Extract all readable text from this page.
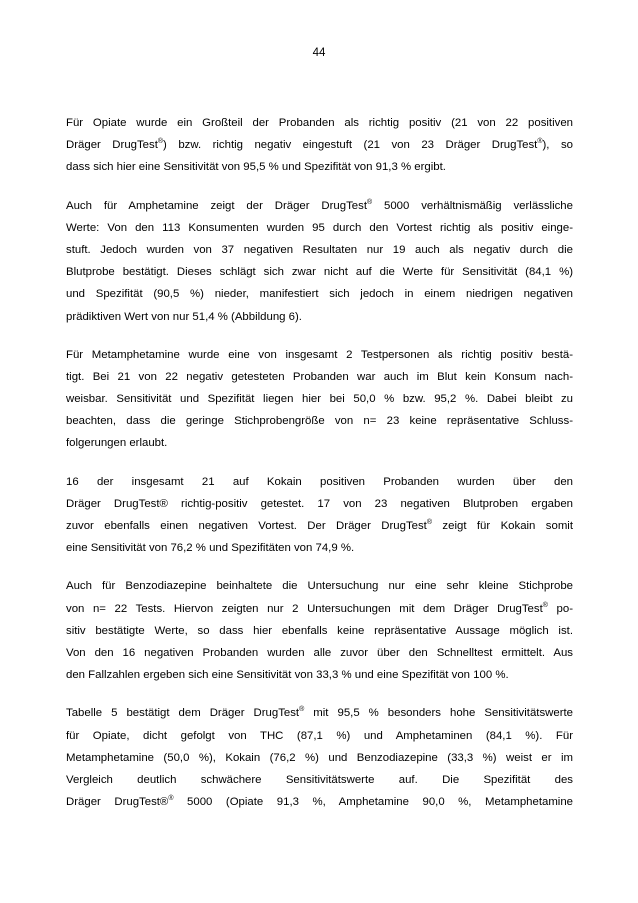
44
Für Opiate wurde ein Großteil der Probanden als richtig positiv (21 von 22 positiven
Dräger DrugTest®) bzw. richtig negativ eingestuft (21 von 23 Dräger DrugTest®), so
dass sich hier eine Sensitivität von 95,5 % und Spezifität von 91,3 % ergibt.
Auch für Amphetamine zeigt der Dräger DrugTest® 5000 verhältnismäßig verlässliche
Werte: Von den 113 Konsumenten wurden 95 durch den Vortest richtig als positiv einge-
stuft. Jedoch wurden von 37 negativen Resultaten nur 19 auch als negativ durch die
Blutprobe bestätigt. Dieses schlägt sich zwar nicht auf die Werte für Sensitivität (84,1 %)
und Spezifität (90,5 %) nieder, manifestiert sich jedoch in einem niedrigen negativen
prädiktiven Wert von nur 51,4 % (Abbildung 6).
Für Metamphetamine wurde eine von insgesamt 2 Testpersonen als richtig positiv bestä-
tigt. Bei 21 von 22 negativ getesteten Probanden war auch im Blut kein Konsum nach-
weisbar. Sensitivität und Spezifität liegen hier bei 50,0 % bzw. 95,2 %. Dabei bleibt zu
beachten, dass die geringe Stichprobengröße von n= 23 keine repräsentative Schluss-
folgerungen erlaubt.
16 der insgesamt 21 auf Kokain positiven Probanden wurden über den
Dräger DrugTest® richtig-positiv getestet. 17 von 23 negativen Blutproben ergaben
zuvor ebenfalls einen negativen Vortest. Der Dräger DrugTest® zeigt für Kokain somit
eine Sensitivität von 76,2 % und Spezifitäten von 74,9 %.
Auch für Benzodiazepine beinhaltete die Untersuchung nur eine sehr kleine Stichprobe
von n= 22 Tests. Hiervon zeigten nur 2 Untersuchungen mit dem Dräger DrugTest® po-
sitiv bestätigte Werte, so dass hier ebenfalls keine repräsentative Aussage möglich ist.
Von den 16 negativen Probanden wurden alle zuvor über den Schnelltest ermittelt. Aus
den Fallzahlen ergeben sich eine Sensitivität von 33,3 % und eine Spezifität von 100 %.
Tabelle 5 bestätigt dem Dräger DrugTest® mit 95,5 % besonders hohe Sensitivitätswerte
für Opiate, dicht gefolgt von THC (87,1 %) und Amphetaminen (84,1 %). Für
Metamphetamine (50,0 %), Kokain (76,2 %) und Benzodiazepine (33,3 %) weist er im
Vergleich deutlich schwächere Sensitivitätswerte auf. Die Spezifität des
Dräger DrugTest®® 5000 (Opiate 91,3 %, Amphetamine 90,0 %, Metamphetamine
